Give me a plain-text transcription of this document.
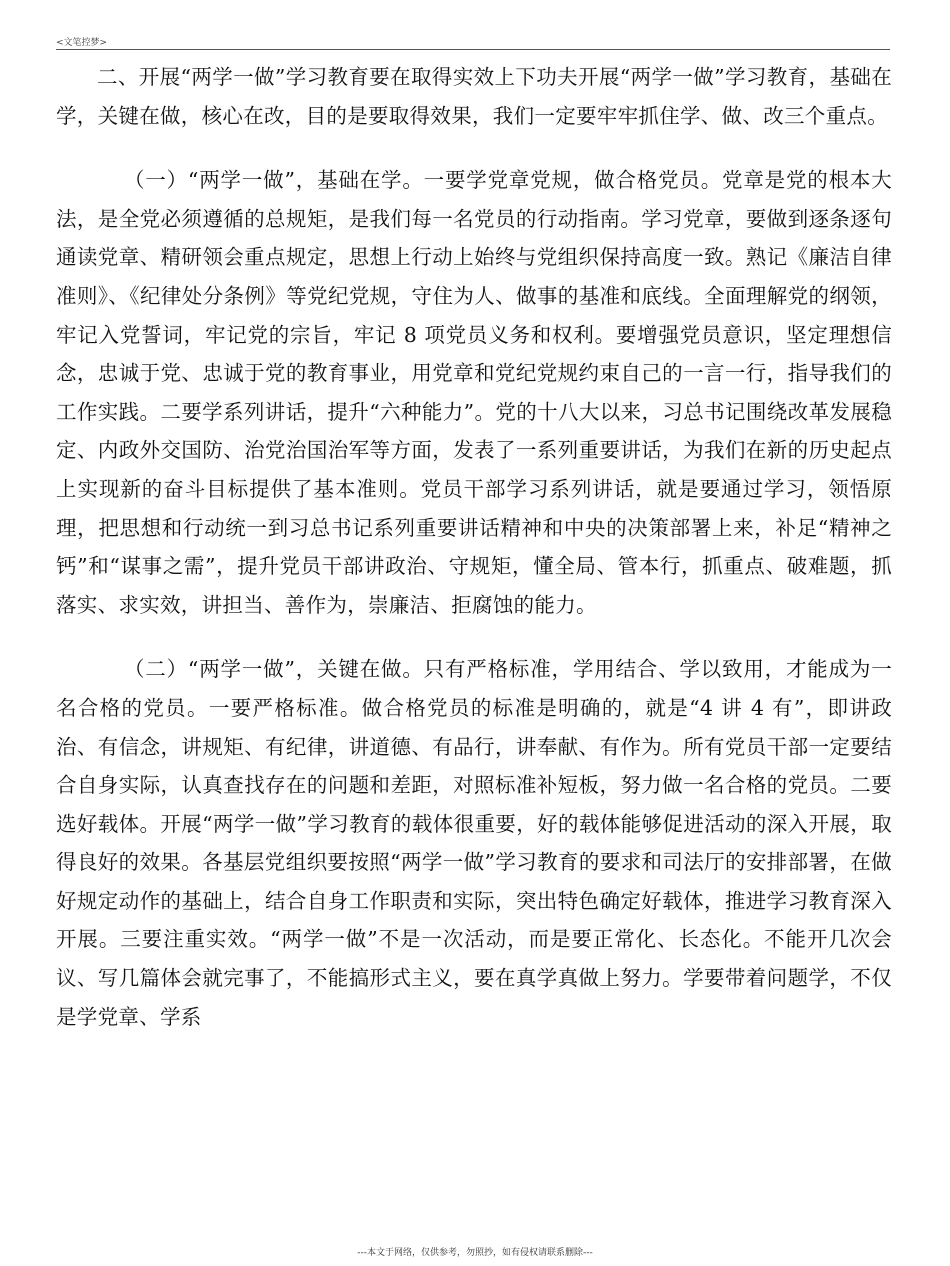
<文笔控梦>

二、开展“两学一做”学习教育要在取得实效上下功夫开展“两学一做”学习教育，基础在学，关键在做，核心在改，目的是要取得效果，我们一定要牢牢抓住学、做、改三个重点。

（一）“两学一做”，基础在学。一要学党章党规，做合格党员。党章是党的根本大法，是全党必须遵循的总规矩，是我们每一名党员的行动指南。学习党章，要做到逐条逐句通读党章、精研领会重点规定，思想上行动上始终与党组织保持高度一致。熟记《廉洁自律准则》、《纪律处分条例》等党纪党规，守住为人、做事的基准和底线。全面理解党的纲领，牢记入党誓词，牢记党的宗旨，牢记 8 项党员义务和权利。要增强党员意识，坚定理想信念，忠诚于党、忠诚于党的教育事业，用党章和党纪党规约束自己的一言一行，指导我们的工作实践。二要学系列讲话，提升“六种能力”。党的十八大以来，习总书记围绕改革发展稳定、内政外交国防、治党治国治军等方面，发表了一系列重要讲话，为我们在新的历史起点上实现新的奋斗目标提供了基本准则。党员干部学习系列讲话，就是要通过学习，领悟原理，把思想和行动统一到习总书记系列重要讲话精神和中央的决策部署上来，补足“精神之钙”和“谋事之需”，提升党员干部讲政治、守规矩，懂全局、管本行，抓重点、破难题，抓落实、求实效，讲担当、善作为，崇廉洁、拒腐蚀的能力。

（二）“两学一做”，关键在做。只有严格标准，学用结合、学以致用，才能成为一名合格的党员。一要严格标准。做合格党员的标准是明确的，就是“4 讲 4 有”，即讲政治、有信念，讲规矩、有纪律，讲道德、有品行，讲奉献、有作为。所有党员干部一定要结合自身实际，认真查找存在的问题和差距，对照标准补短板，努力做一名合格的党员。二要选好载体。开展“两学一做”学习教育的载体很重要，好的载体能够促进活动的深入开展，取得良好的效果。各基层党组织要按照“两学一做”学习教育的要求和司法厅的安排部署，在做好规定动作的基础上，结合自身工作职责和实际，突出特色确定好载体，推进学习教育深入开展。三要注重实效。“两学一做”不是一次活动，而是要正常化、长态化。不能开几次会议、写几篇体会就完事了，不能搞形式主义，要在真学真做上努力。学要带着问题学，不仅是学党章、学系

---本文于网络，仅供参考，勿照抄，如有侵权请联系删除---
